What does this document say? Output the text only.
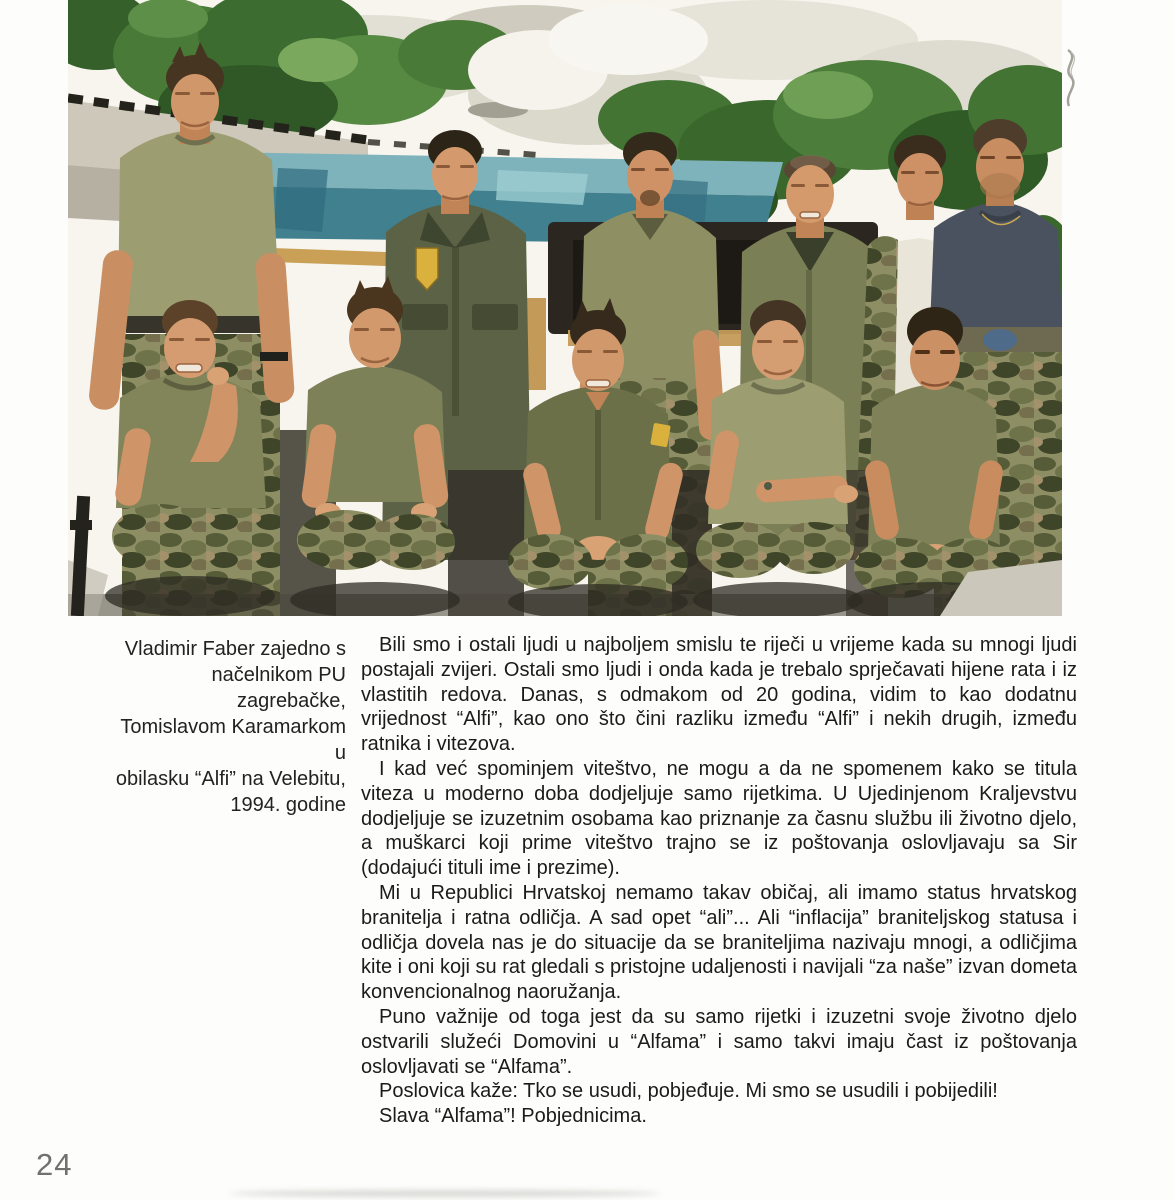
Vladimir Faber zajedno s
načelnikom PU zagrebačke,
Tomislavom Karamarkom u
obilasku “Alfi” na Velebitu,
1994. godine

Bili smo i ostali ljudi u najboljem smislu te riječi u vrijeme kada su mnogi ljudi postajali zvijeri. Ostali smo ljudi i onda kada je trebalo sprječavati hijene rata i iz vlastitih redova. Danas, s odmakom od 20 godina, vidim to kao dodatnu vrijednost “Alfi”, kao ono što čini razliku između “Alfi” i nekih drugih, između ratnika i vitezova.

I kad već spominjem viteštvo, ne mogu a da ne spomenem kako se titula viteza u moderno doba dodjeljuje samo rijetkima. U Ujedinjenom Kraljevstvu dodjeljuje se izuzetnim osobama kao priznanje za časnu službu ili životno djelo, a muškarci koji prime viteštvo trajno se iz poštovanja oslovljavaju sa Sir (dodajući tituli ime i prezime).

Mi u Republici Hrvatskoj nemamo takav običaj, ali imamo status hrvatskog branitelja i ratna odličja. A sad opet “ali”... Ali “inflacija” braniteljskog statusa i odličja dovela nas je do situacije da se braniteljima nazivaju mnogi, a odličjima kite i oni koji su rat gledali s pristojne udaljenosti i navijali “za naše” izvan dometa konvencionalnog naoružanja.

Puno važnije od toga jest da su samo rijetki i izuzetni svoje životno djelo ostvarili služeći Domovini u “Alfama” i samo takvi imaju čast iz poštovanja oslovljavati se “Alfama”.

Poslovica kaže: Tko se usudi, pobjeđuje. Mi smo se usudili i pobijedili!

Slava “Alfama”! Pobjednicima.

24
